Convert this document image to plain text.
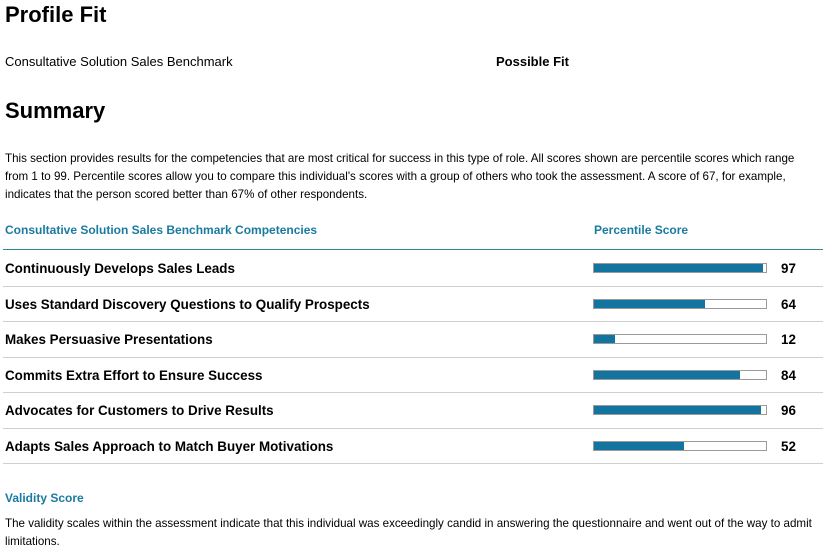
Profile Fit
Consultative Solution Sales Benchmark	Possible Fit
Summary

This section provides results for the competencies that are most critical for success in this type of role. All scores shown are percentile scores which range from 1 to 99. Percentile scores allow you to compare this individual's scores with a group of others who took the assessment. A score of 67, for example, indicates that the person scored better than 67% of other respondents.

Consultative Solution Sales Benchmark Competencies	Percentile Score
Continuously Develops Sales Leads	97
Uses Standard Discovery Questions to Qualify Prospects	64
Makes Persuasive Presentations	12
Commits Extra Effort to Ensure Success	84
Advocates for Customers to Drive Results	96
Adapts Sales Approach to Match Buyer Motivations	52
Validity Score

The validity scales within the assessment indicate that this individual was exceedingly candid in answering the questionnaire and went out of the way to admit limitations.
